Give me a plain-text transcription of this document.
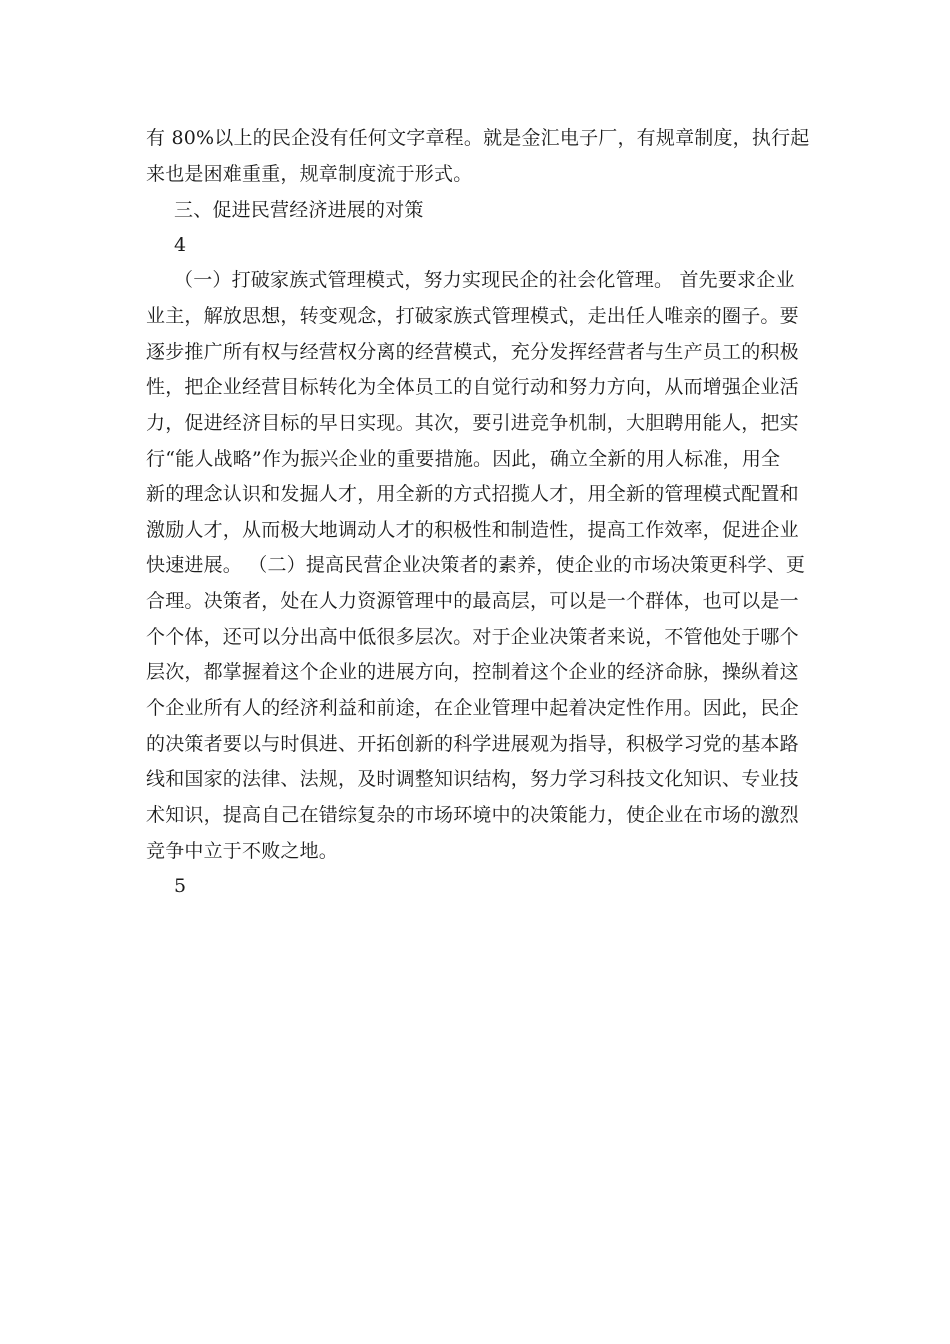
有 80%以上的民企没有任何文字章程。就是金汇电子厂，有规章制度，执行起
来也是困难重重，规章制度流于形式。
三、促进民营经济进展的对策
4
（一）打破家族式管理模式，努力实现民企的社会化管理。 首先要求企业
业主，解放思想，转变观念，打破家族式管理模式，走出任人唯亲的圈子。要
逐步推广所有权与经营权分离的经营模式，充分发挥经营者与生产员工的积极
性，把企业经营目标转化为全体员工的自觉行动和努力方向，从而增强企业活
力，促进经济目标的早日实现。其次，要引进竞争机制，大胆聘用能人，把实
行“能人战略”作为振兴企业的重要措施。因此，确立全新的用人标准，用全
新的理念认识和发掘人才，用全新的方式招揽人才，用全新的管理模式配置和
激励人才，从而极大地调动人才的积极性和制造性，提高工作效率，促进企业
快速进展。 （二）提高民营企业决策者的素养，使企业的市场决策更科学、更
合理。决策者，处在人力资源管理中的最高层，可以是一个群体，也可以是一
个个体，还可以分出高中低很多层次。对于企业决策者来说，不管他处于哪个
层次，都掌握着这个企业的进展方向，控制着这个企业的经济命脉，操纵着这
个企业所有人的经济利益和前途，在企业管理中起着决定性作用。因此，民企
的决策者要以与时俱进、开拓创新的科学进展观为指导，积极学习党的基本路
线和国家的法律、法规，及时调整知识结构，努力学习科技文化知识、专业技
术知识，提高自己在错综复杂的市场环境中的决策能力，使企业在市场的激烈
竞争中立于不败之地。
5
